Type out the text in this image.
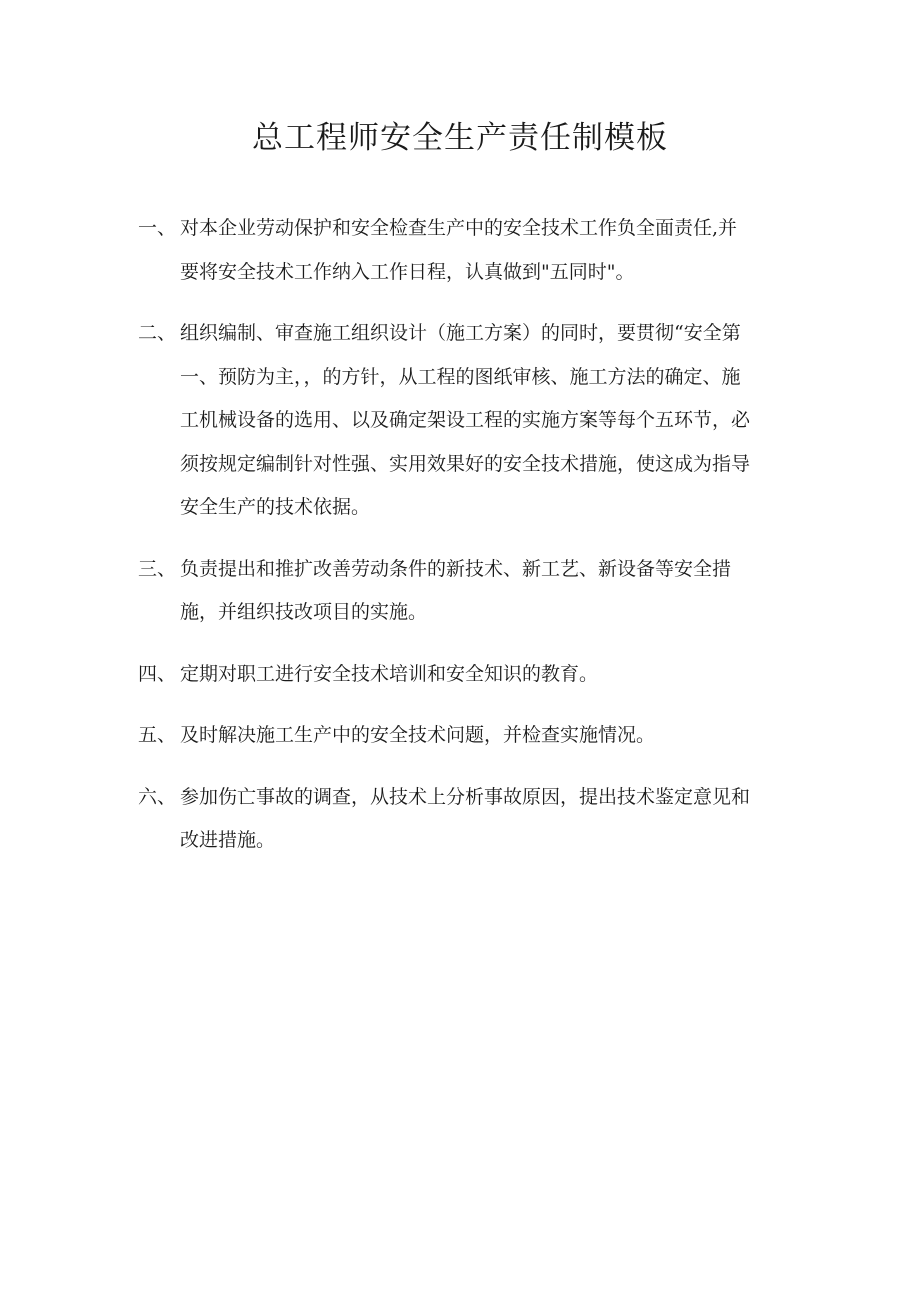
总工程师安全生产责任制模板
一、 对本企业劳动保护和安全检查生产中的安全技术工作负全面责任,并
要将安全技术工作纳入工作日程，认真做到"五同时"。
二、 组织编制、审查施工组织设计（施工方案）的同时，要贯彻“安全第
一、预防为主，，的方针，从工程的图纸审核、施工方法的确定、施
工机械设备的选用、以及确定架设工程的实施方案等每个五环节，必
须按规定编制针对性强、实用效果好的安全技术措施，使这成为指导
安全生产的技术依据。
三、 负责提出和推扩改善劳动条件的新技术、新工艺、新设备等安全措
施，并组织技改项目的实施。
四、 定期对职工进行安全技术培训和安全知识的教育。
五、 及时解决施工生产中的安全技术问题，并检查实施情况。
六、 参加伤亡事故的调查，从技术上分析事故原因，提出技术鉴定意见和
改进措施。
